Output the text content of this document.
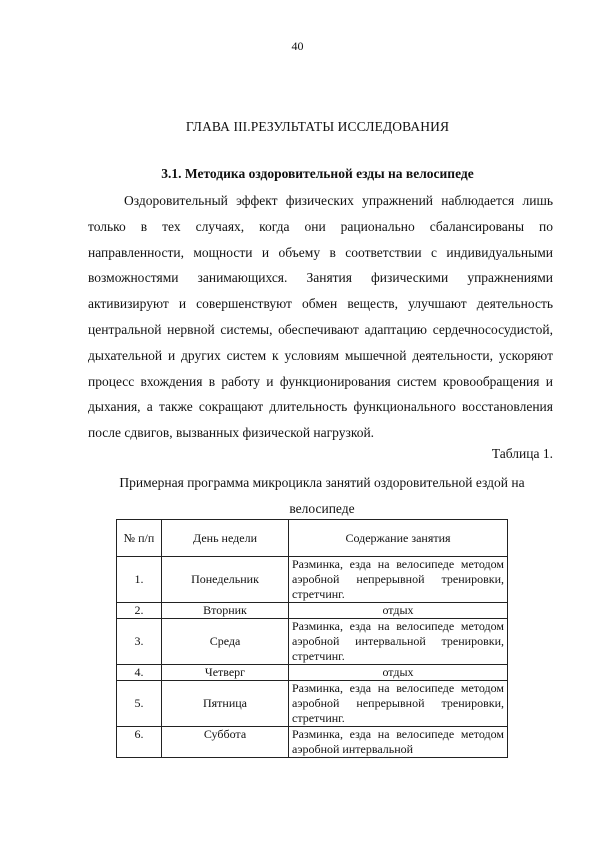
40
ГЛАВА III.РЕЗУЛЬТАТЫ ИССЛЕДОВАНИЯ
3.1. Методика оздоровительной езды на велосипеде

Оздоровительный эффект физических упражнений наблюдается лишь только в тех случаях, когда они рационально сбалансированы по направленности, мощности и объему в соответствии с индивидуальными возможностями занимающихся. Занятия физическими упражнениями активизируют и совершенствуют обмен веществ, улучшают деятельность центральной нервной системы, обеспечивают адаптацию сердечнососудистой, дыхательной и других систем к условиям мышечной деятельности, ускоряют процесс вхождения в работу и функционирования систем кровообращения и дыхания, а также сокращают длительность функционального восстановления после сдвигов, вызванных физической нагрузкой.

Таблица 1.
Примерная программа микроцикла занятий оздоровительной ездой на велосипеде
№ п/п	День недели	Содержание занятия
1.	Понедельник	Разминка, езда на велосипеде методом аэробной непрерывной тренировки, стретчинг.
2.	Вторник	отдых
3.	Среда	Разминка, езда на велосипеде методом аэробной интервальной тренировки, стретчинг.
4.	Четверг	отдых
5.	Пятница	Разминка, езда на велосипеде методом аэробной непрерывной тренировки, стретчинг.
6.	Суббота	Разминка, езда на велосипеде методом аэробной интервальной
